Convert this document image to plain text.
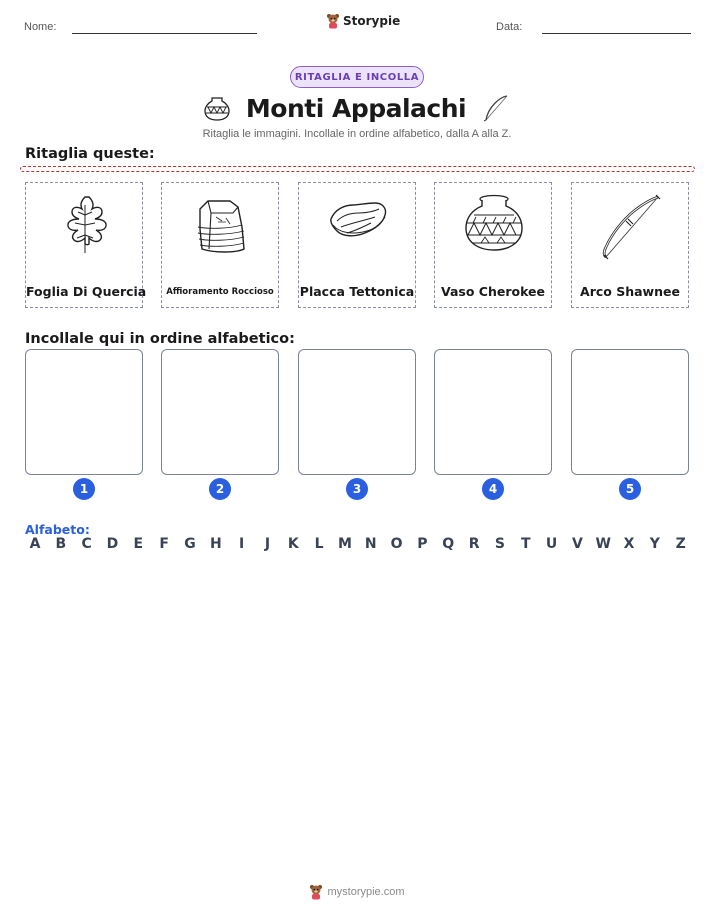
Nome:	Storypie	Data:
RITAGLIA E INCOLLA
Monti Appalachi
Ritaglia le immagini. Incollale in ordine alfabetico, dalla A alla Z.
Ritaglia queste:
Foglia Di Quercia	Affioramento Roccioso	Placca Tettonica	Vaso Cherokee	Arco Shawnee
Incollale qui in ordine alfabetico:
1	2	3	4	5
Alfabeto:
A	B	C	D	E	F	G	H	I	J	K	L	M N O	P	Q	R	S	T	U	V W X	Y	Z
mystorypie.com
